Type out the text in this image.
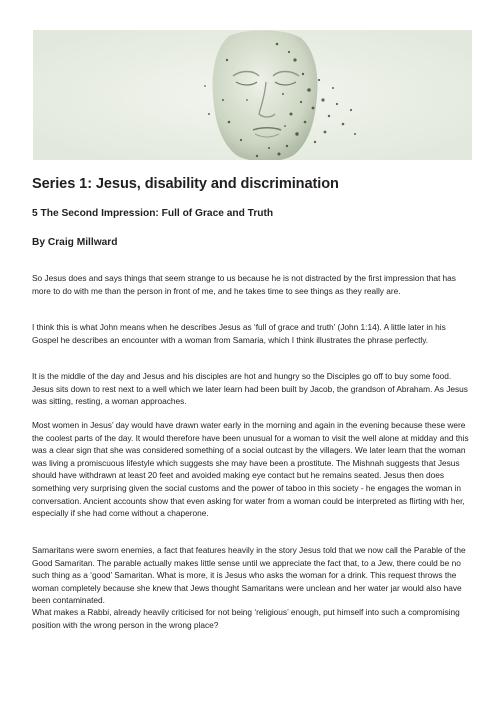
Series 1: Jesus, disability and discrimination
5 The Second Impression: Full of Grace and Truth

By Craig Millward

So Jesus does and says things that seem strange to us because he is not distracted by the first impression that has more to do with me than the person in front of me, and he takes time to see things as they really are.

I think this is what John means when he describes Jesus as ‘full of grace and truth’ (John 1:14). A little later in his Gospel he describes an encounter with a woman from Samaria, which I think illustrates the phrase perfectly.

It is the middle of the day and Jesus and his disciples are hot and hungry so the Disciples go off to buy some food. Jesus sits down to rest next to a well which we later learn had been built by Jacob, the grandson of Abraham. As Jesus was sitting, resting, a woman approaches.

Most women in Jesus’ day would have drawn water early in the morning and again in the evening because these were the coolest parts of the day. It would therefore have been unusual for a woman to visit the well alone at midday and this was a clear sign that she was considered something of a social outcast by the villagers. We later learn that the woman was living a promiscuous lifestyle which suggests she may have been a prostitute. The Mishnah suggests that Jesus should have withdrawn at least 20 feet and avoided making eye contact but he remains seated. Jesus then does something very surprising given the social customs and the power of taboo in this society - he engages the woman in conversation. Ancient accounts show that even asking for water from a woman could be interpreted as flirting with her, especially if she had come without a chaperone.

Samaritans were sworn enemies, a fact that features heavily in the story Jesus told that we now call the Parable of the Good Samaritan. The parable actually makes little sense until we appreciate the fact that, to a Jew, there could be no such thing as a ‘good’ Samaritan. What is more, it is Jesus who asks the woman for a drink. This request throws the woman completely because she knew that Jews thought Samaritans were unclean and her water jar would also have been contaminated.

What makes a Rabbi, already heavily criticised for not being ‘religious’ enough, put himself into such a compromising position with the wrong person in the wrong place?
